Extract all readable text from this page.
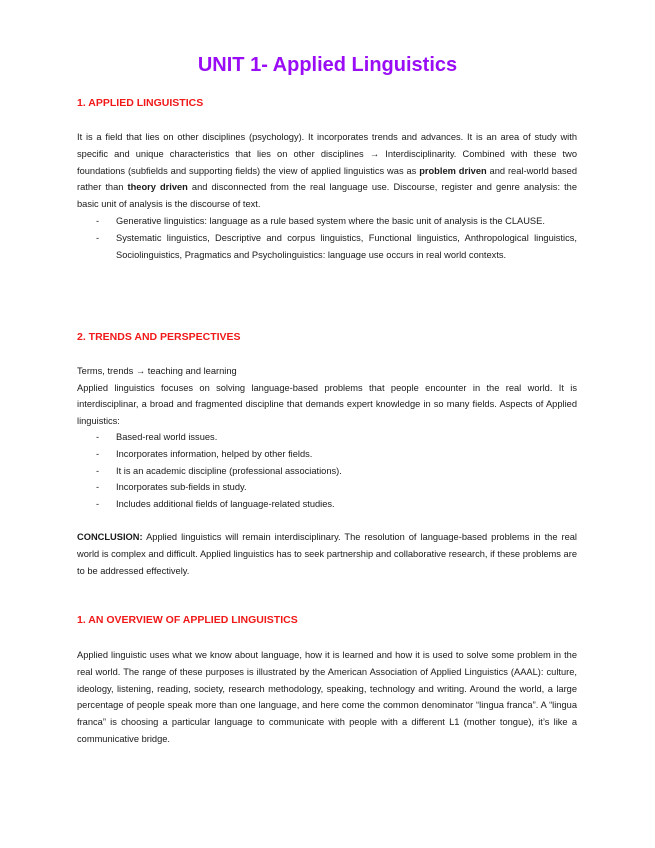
UNIT 1- Applied Linguistics
1. APPLIED LINGUISTICS

It is a field that lies on other disciplines (psychology). It incorporates trends and advances. It is an area of study with specific and unique characteristics that lies on other disciplines → Interdisciplinarity. Combined with these two foundations (subfields and supporting fields) the view of applied linguistics was as problem driven and real-world based rather than theory driven and disconnected from the real language use. Discourse, register and genre analysis: the basic unit of analysis is the discourse of text.

- Generative linguistics: language as a rule based system where the basic unit of analysis is the CLAUSE.
- Systematic linguistics, Descriptive and corpus linguistics, Functional linguistics, Anthropological linguistics, Sociolinguistics, Pragmatics and Psycholinguistics: language use occurs in real world contexts.
2. TRENDS AND PERSPECTIVES

Terms, trends → teaching and learning

Applied linguistics focuses on solving language-based problems that people encounter in the real world. It is interdisciplinar, a broad and fragmented discipline that demands expert knowledge in so many fields. Aspects of Applied linguistics:

- Based-real world issues.
- Incorporates information, helped by other fields.
- It is an academic discipline (professional associations).
- Incorporates sub-fields in study.
- Includes additional fields of language-related studies.

CONCLUSION: Applied linguistics will remain interdisciplinary. The resolution of language-based problems in the real world is complex and difficult. Applied linguistics has to seek partnership and collaborative research, if these problems are to be addressed effectively.

1. AN OVERVIEW OF APPLIED LINGUISTICS

Applied linguistic uses what we know about language, how it is learned and how it is used to solve some problem in the real world. The range of these purposes is illustrated by the American Association of Applied Linguistics (AAAL): culture, ideology, listening, reading, society, research methodology, speaking, technology and writing. Around the world, a large percentage of people speak more than one language, and here come the common denominator “lingua franca”. A “lingua franca” is choosing a particular language to communicate with people with a different L1 (mother tongue), it’s like a communicative bridge.
